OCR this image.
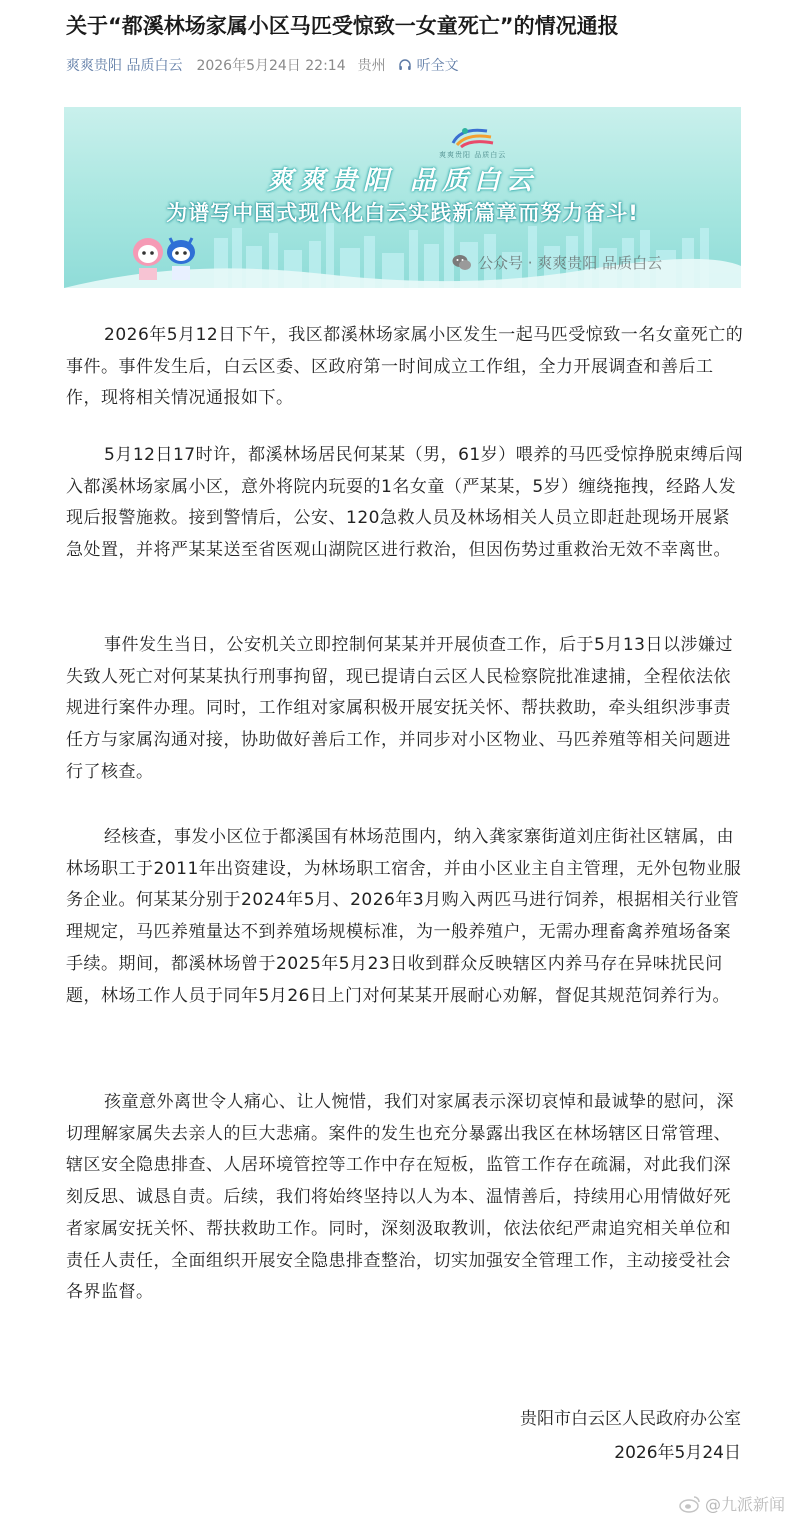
关于“都溪林场家属小区马匹受惊致一女童死亡”的情况通报
爽爽贵阳 品质白云 2026年5月24日 22:14 贵州 听全文
爽爽贵阳 品质白云
爽爽贵阳 品质白云
为谱写中国式现代化白云实践新篇章而努力奋斗!
公众号 · 爽爽贵阳 品质白云
2026年5月12日下午，我区都溪林场家属小区发生一起马匹受惊致一名女童死亡的事件。事件发生后，白云区委、区政府第一时间成立工作组，全力开展调查和善后工作，现将相关情况通报如下。
5月12日17时许，都溪林场居民何某某（男，61岁）喂养的马匹受惊挣脱束缚后闯入都溪林场家属小区，意外将院内玩耍的1名女童（严某某，5岁）缠绕拖拽，经路人发现后报警施救。接到警情后，公安、120急救人员及林场相关人员立即赶赴现场开展紧急处置，并将严某某送至省医观山湖院区进行救治，但因伤势过重救治无效不幸离世。
事件发生当日，公安机关立即控制何某某并开展侦查工作，后于5月13日以涉嫌过失致人死亡对何某某执行刑事拘留，现已提请白云区人民检察院批准逮捕，全程依法依规进行案件办理。同时，工作组对家属积极开展安抚关怀、帮扶救助，牵头组织涉事责任方与家属沟通对接，协助做好善后工作，并同步对小区物业、马匹养殖等相关问题进行了核查。
经核查，事发小区位于都溪国有林场范围内，纳入龚家寨街道刘庄街社区辖属，由林场职工于2011年出资建设，为林场职工宿舍，并由小区业主自主管理，无外包物业服务企业。何某某分别于2024年5月、2026年3月购入两匹马进行饲养，根据相关行业管理规定，马匹养殖量达不到养殖场规模标准，为一般养殖户，无需办理畜禽养殖场备案手续。期间，都溪林场曾于2025年5月23日收到群众反映辖区内养马存在异味扰民问题，林场工作人员于同年5月26日上门对何某某开展耐心劝解，督促其规范饲养行为。
孩童意外离世令人痛心、让人惋惜，我们对家属表示深切哀悼和最诚挚的慰问，深切理解家属失去亲人的巨大悲痛。案件的发生也充分暴露出我区在林场辖区日常管理、辖区安全隐患排查、人居环境管控等工作中存在短板，监管工作存在疏漏，对此我们深刻反思、诚恳自责。后续，我们将始终坚持以人为本、温情善后，持续用心用情做好死者家属安抚关怀、帮扶救助工作。同时，深刻汲取教训，依法依纪严肃追究相关单位和责任人责任，全面组织开展安全隐患排查整治，切实加强安全管理工作，主动接受社会各界监督。
贵阳市白云区人民政府办公室
2026年5月24日
@九派新闻
